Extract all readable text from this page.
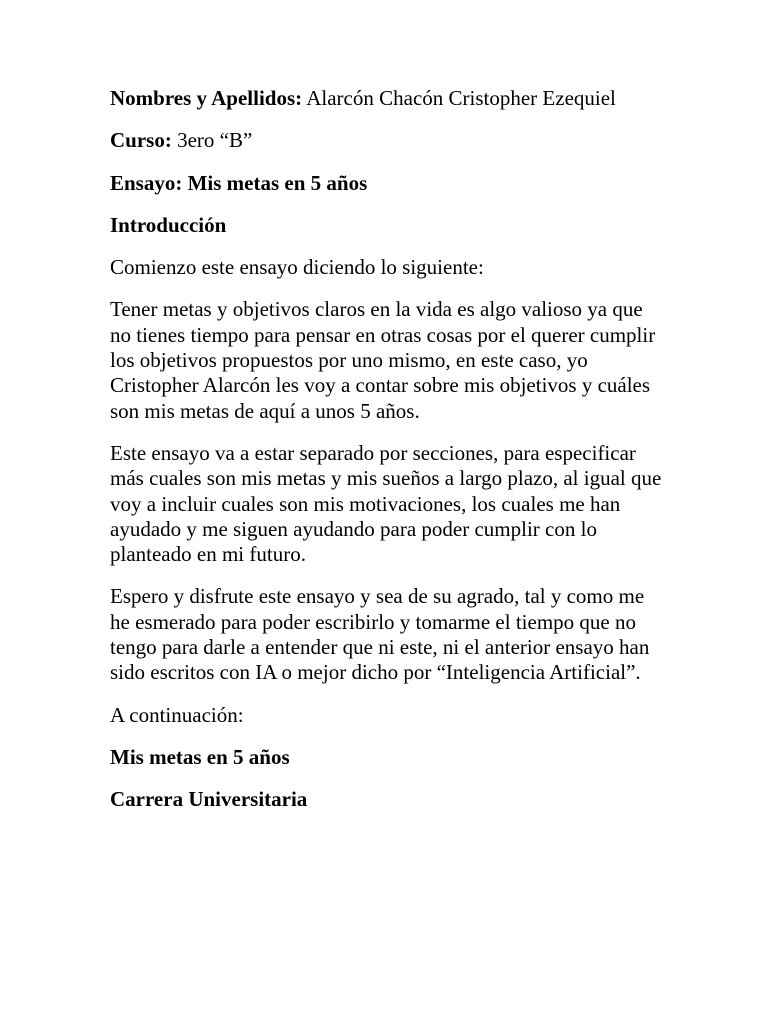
Nombres y Apellidos: Alarcón Chacón Cristopher Ezequiel

Curso: 3ero “B”

Ensayo: Mis metas en 5 años

Introducción

Comienzo este ensayo diciendo lo siguiente:

Tener metas y objetivos claros en la vida es algo valioso ya que no tienes tiempo para pensar en otras cosas por el querer cumplir los objetivos propuestos por uno mismo, en este caso, yo Cristopher Alarcón les voy a contar sobre mis objetivos y cuáles son mis metas de aquí a unos 5 años.

Este ensayo va a estar separado por secciones, para especificar más cuales son mis metas y mis sueños a largo plazo, al igual que voy a incluir cuales son mis motivaciones, los cuales me han ayudado y me siguen ayudando para poder cumplir con lo planteado en mi futuro.

Espero y disfrute este ensayo y sea de su agrado, tal y como me he esmerado para poder escribirlo y tomarme el tiempo que no tengo para darle a entender que ni este, ni el anterior ensayo han sido escritos con IA o mejor dicho por “Inteligencia Artificial”.

A continuación:

Mis metas en 5 años

Carrera Universitaria
